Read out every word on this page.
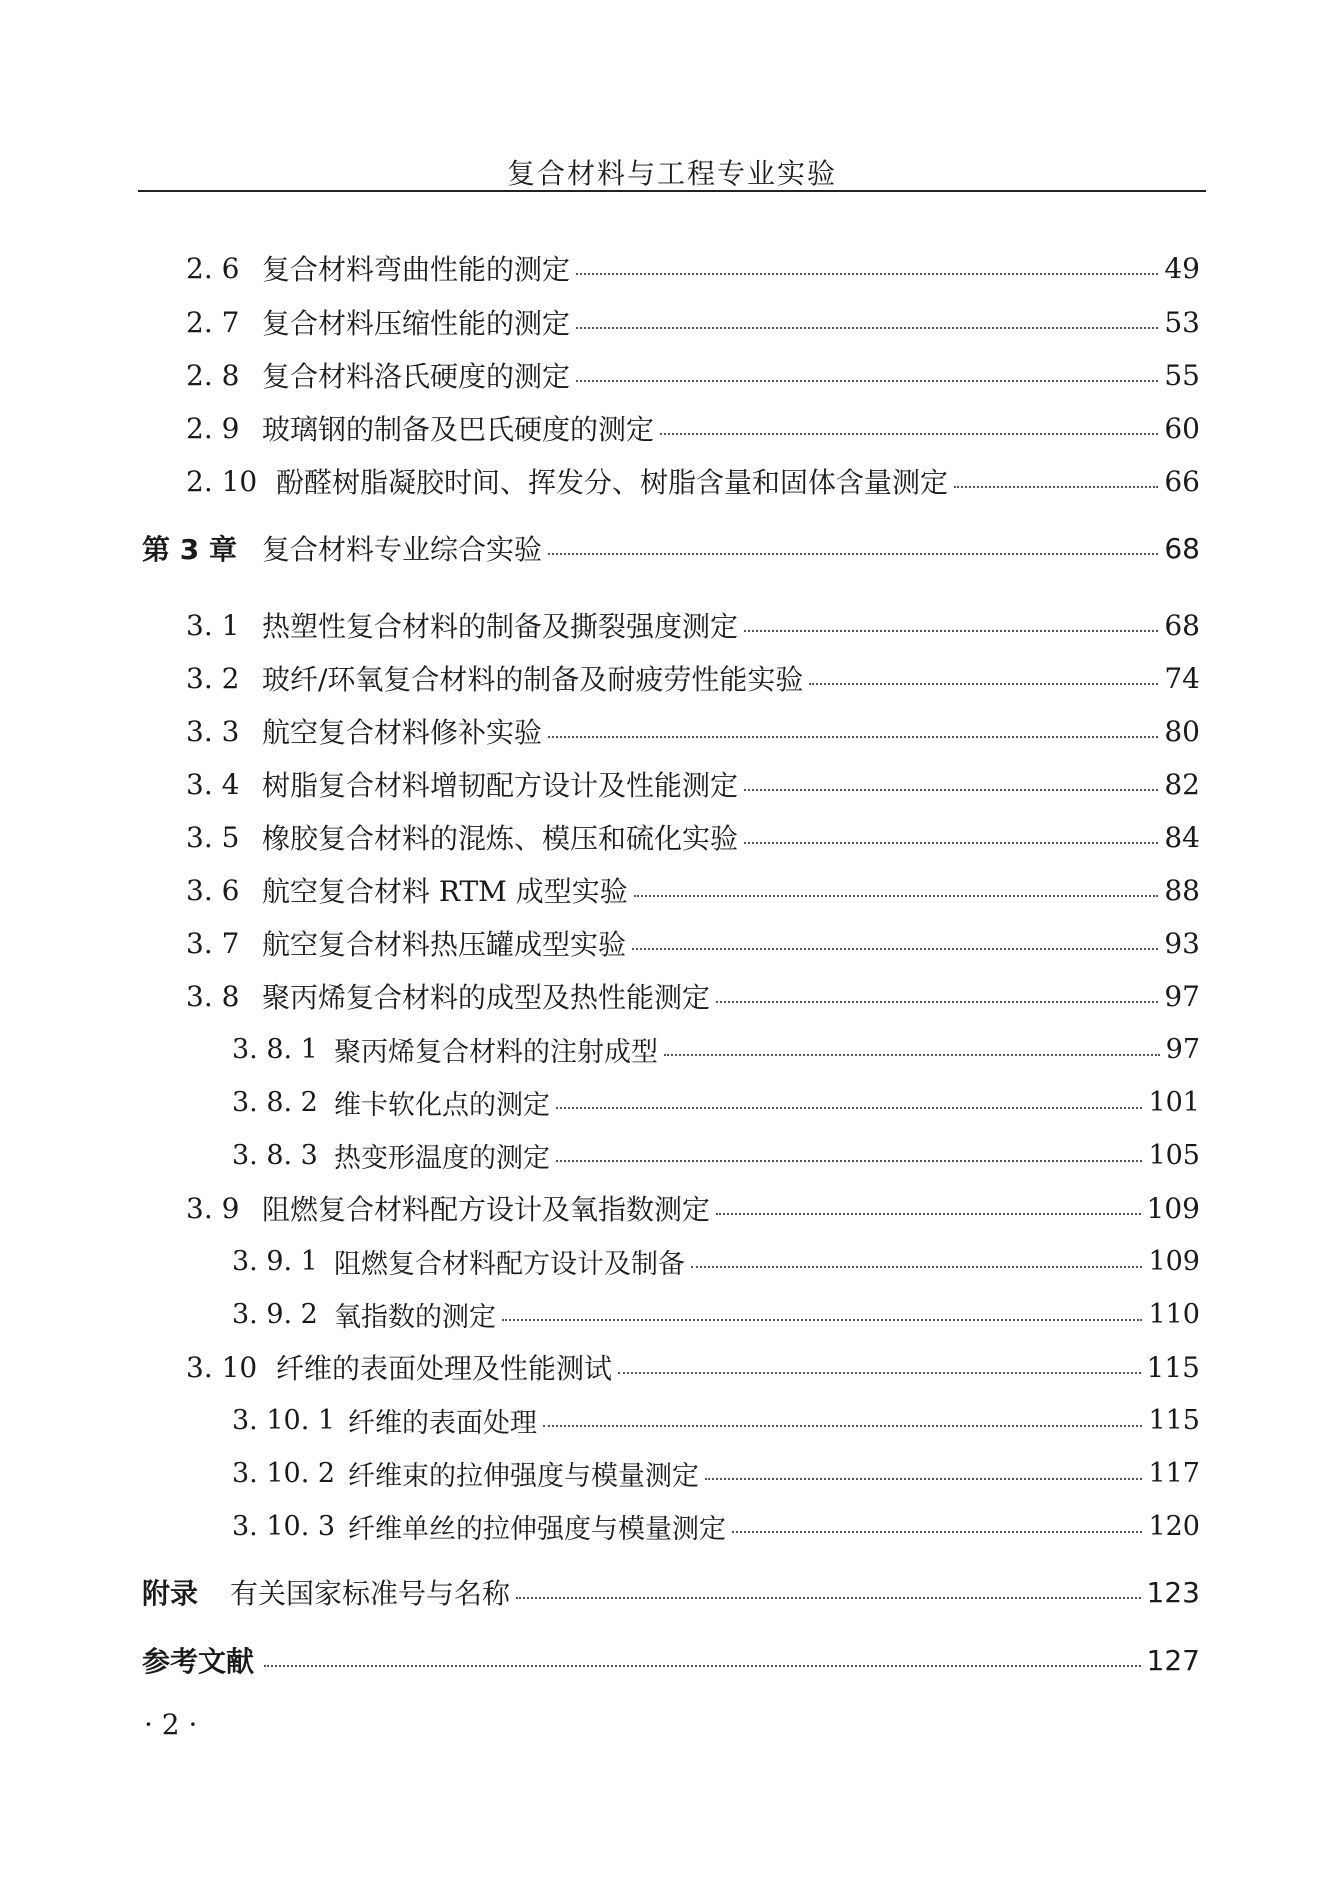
复合材料与工程专业实验
2. 6 复合材料弯曲性能的测定	49
2. 7 复合材料压缩性能的测定	53
2. 8 复合材料洛氏硬度的测定	55
2. 9 玻璃钢的制备及巴氏硬度的测定	60
2. 10 酚醛树脂凝胶时间、挥发分、树脂含量和固体含量测定	66
第 3 章 复合材料专业综合实验	68
3. 1 热塑性复合材料的制备及撕裂强度测定	68
3. 2 玻纤/环氧复合材料的制备及耐疲劳性能实验	74
3. 3 航空复合材料修补实验	80
3. 4 树脂复合材料增韧配方设计及性能测定	82
3. 5 橡胶复合材料的混炼、模压和硫化实验	84
3. 6 航空复合材料 RTM 成型实验	88
3. 7 航空复合材料热压罐成型实验	93
3. 8 聚丙烯复合材料的成型及热性能测定	97
3. 8. 1 聚丙烯复合材料的注射成型	97
3. 8. 2 维卡软化点的测定	101
3. 8. 3 热变形温度的测定	105
3. 9 阻燃复合材料配方设计及氧指数测定	109
3. 9. 1 阻燃复合材料配方设计及制备	109
3. 9. 2 氧指数的测定	110
3. 10 纤维的表面处理及性能测试	115
3. 10. 1 纤维的表面处理	115
3. 10. 2 纤维束的拉伸强度与模量测定	117
3. 10. 3 纤维单丝的拉伸强度与模量测定	120
附录 有关国家标准号与名称	123
参考文献	127
· 2 ·
